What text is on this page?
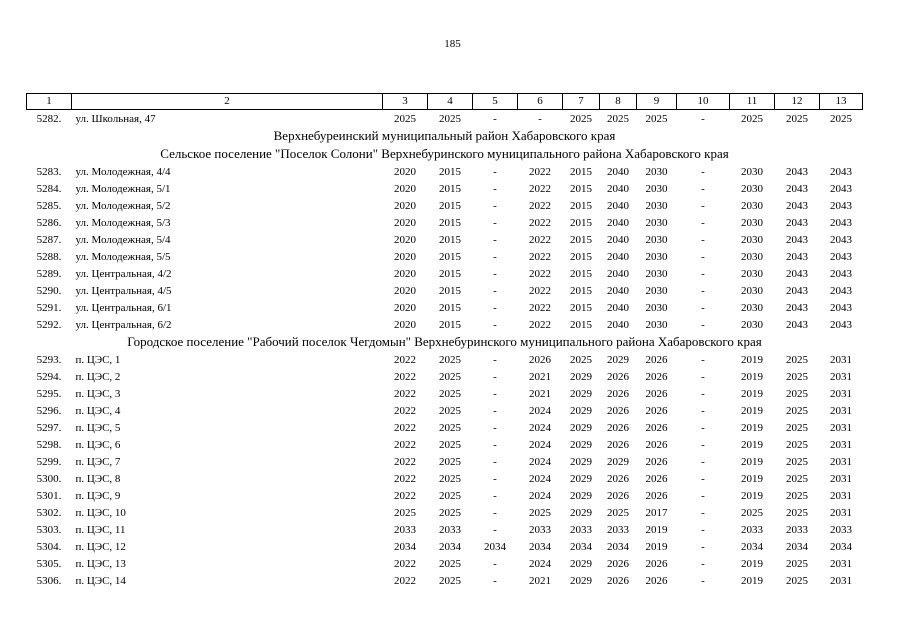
185
1	2	3	4	5	6	7	8	9	10	11	12	13
5282.	ул. Школьная, 47	2025	2025	-	-	2025	2025	2025	-	2025	2025	2025
Верхнебуреинский муниципальный район Хабаровского края												
Сельское поселение "Поселок Солони" Верхнебуринского муниципального района Хабаровского края												
5283.	ул. Молодежная, 4/4	2020	2015	-	2022	2015	2040	2030	-	2030	2043	2043
5284.	ул. Молодежная, 5/1	2020	2015	-	2022	2015	2040	2030	-	2030	2043	2043
5285.	ул. Молодежная, 5/2	2020	2015	-	2022	2015	2040	2030	-	2030	2043	2043
5286.	ул. Молодежная, 5/3	2020	2015	-	2022	2015	2040	2030	-	2030	2043	2043
5287.	ул. Молодежная, 5/4	2020	2015	-	2022	2015	2040	2030	-	2030	2043	2043
5288.	ул. Молодежная, 5/5	2020	2015	-	2022	2015	2040	2030	-	2030	2043	2043
5289.	ул. Центральная, 4/2	2020	2015	-	2022	2015	2040	2030	-	2030	2043	2043
5290.	ул. Центральная, 4/5	2020	2015	-	2022	2015	2040	2030	-	2030	2043	2043
5291.	ул. Центральная, 6/1	2020	2015	-	2022	2015	2040	2030	-	2030	2043	2043
5292.	ул. Центральная, 6/2	2020	2015	-	2022	2015	2040	2030	-	2030	2043	2043
Городское поселение "Рабочий поселок Чегдомын" Верхнебуринского муниципального района Хабаровского края												
5293.	п. ЦЭС, 1	2022	2025	-	2026	2025	2029	2026	-	2019	2025	2031
5294.	п. ЦЭС, 2	2022	2025	-	2021	2029	2026	2026	-	2019	2025	2031
5295.	п. ЦЭС, 3	2022	2025	-	2021	2029	2026	2026	-	2019	2025	2031
5296.	п. ЦЭС, 4	2022	2025	-	2024	2029	2026	2026	-	2019	2025	2031
5297.	п. ЦЭС, 5	2022	2025	-	2024	2029	2026	2026	-	2019	2025	2031
5298.	п. ЦЭС, 6	2022	2025	-	2024	2029	2026	2026	-	2019	2025	2031
5299.	п. ЦЭС, 7	2022	2025	-	2024	2029	2029	2026	-	2019	2025	2031
5300.	п. ЦЭС, 8	2022	2025	-	2024	2029	2026	2026	-	2019	2025	2031
5301.	п. ЦЭС, 9	2022	2025	-	2024	2029	2026	2026	-	2019	2025	2031
5302.	п. ЦЭС, 10	2025	2025	-	2025	2029	2025	2017	-	2025	2025	2031
5303.	п. ЦЭС, 11	2033	2033	-	2033	2033	2033	2019	-	2033	2033	2033
5304.	п. ЦЭС, 12	2034	2034	2034	2034	2034	2034	2019	-	2034	2034	2034
5305.	п. ЦЭС, 13	2022	2025	-	2024	2029	2026	2026	-	2019	2025	2031
5306.	п. ЦЭС, 14	2022	2025	-	2021	2029	2026	2026	-	2019	2025	2031
